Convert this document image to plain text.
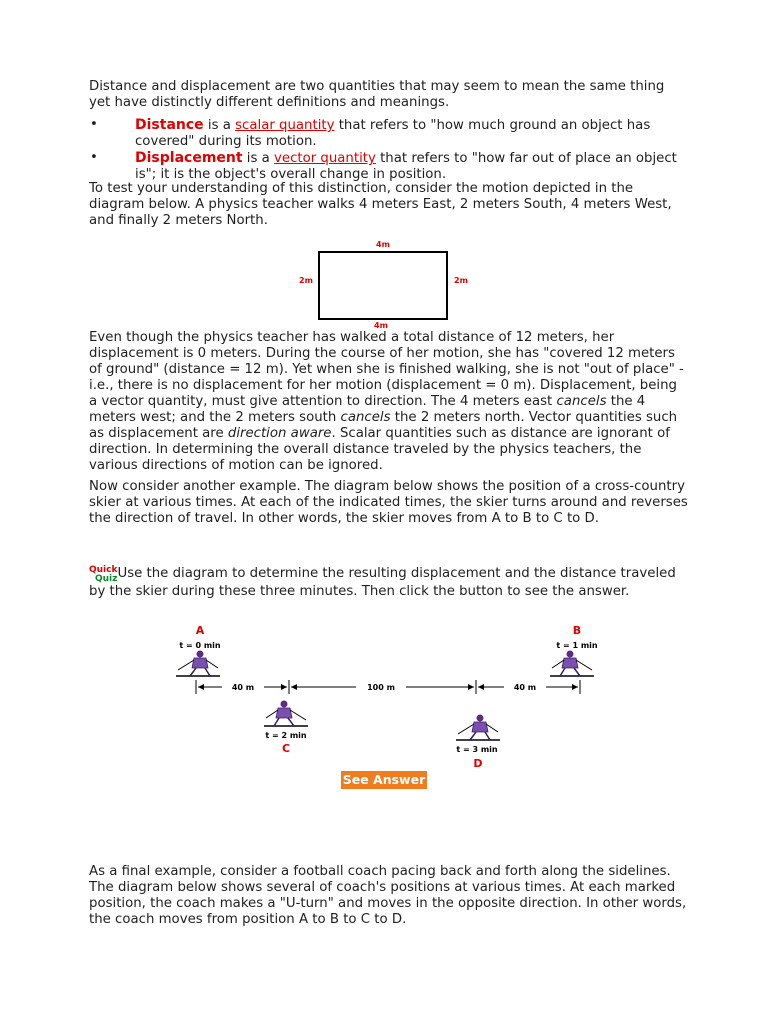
Distance and displacement are two quantities that may seem to mean the same thing yet have distinctly different definitions and meanings.

•	Distance is a scalar quantity that refers to "how much ground an object has covered" during its motion.
•	Displacement is a vector quantity that refers to "how far out of place an object is"; it is the object's overall change in position.

To test your understanding of this distinction, consider the motion depicted in the diagram below. A physics teacher walks 4 meters East, 2 meters South, 4 meters West, and finally 2 meters North.

Even though the physics teacher has walked a total distance of 12 meters, her displacement is 0 meters. During the course of her motion, she has "covered 12 meters of ground" (distance = 12 m). Yet when she is finished walking, she is not "out of place" - i.e., there is no displacement for her motion (displacement = 0 m). Displacement, being a vector quantity, must give attention to direction. The 4 meters east cancels the 4 meters west; and the 2 meters south cancels the 2 meters north. Vector quantities such as displacement are direction aware. Scalar quantities such as distance are ignorant of direction. In determining the overall distance traveled by the physics teachers, the various directions of motion can be ignored.

Now consider another example. The diagram below shows the position of a cross-country skier at various times. At each of the indicated times, the skier turns around and reverses the direction of travel. In other words, the skier moves from A to B to C to D.

Quick
Quiz Use the diagram to determine the resulting displacement and the distance traveled by the skier during these three minutes. Then click the button to see the answer.

As a final example, consider a football coach pacing back and forth along the sidelines. The diagram below shows several of coach's positions at various times. At each marked position, the coach makes a "U-turn" and moves in the opposite direction. In other words, the coach moves from position A to B to C to D.

4m
2m	2m
4m
A
t = 0 min
B
t = 1 min
40 m	100 m	40 m
t = 2 min
C	t = 3 min
D
See Answer
